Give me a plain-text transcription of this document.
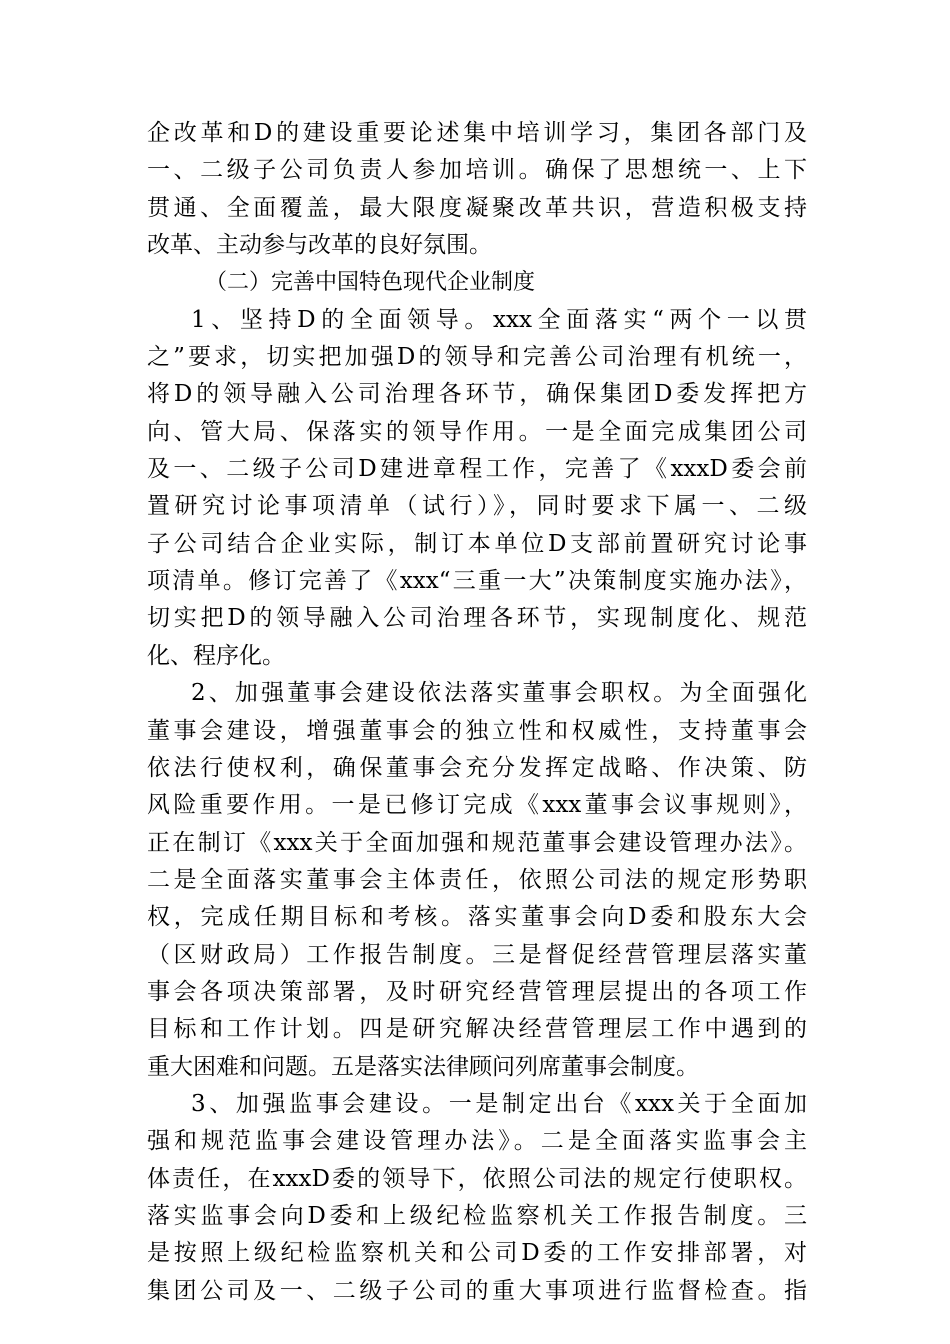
企改革和D的建设重要论述集中培训学习，集团各部门及
一、二级子公司负责人参加培训。确保了思想统一、上下
贯通、全面覆盖，最大限度凝聚改革共识，营造积极支持
改革、主动参与改革的良好氛围。
（二）完善中国特色现代企业制度
1、坚持D的全面领导。xxx全面落实“两个一以贯
之”要求，切实把加强D的领导和完善公司治理有机统一，
将D的领导融入公司治理各环节，确保集团D委发挥把方
向、管大局、保落实的领导作用。一是全面完成集团公司
及一、二级子公司D建进章程工作，完善了《xxxD委会前
置研究讨论事项清单（试行）》，同时要求下属一、二级
子公司结合企业实际，制订本单位D支部前置研究讨论事
项清单。修订完善了《xxx“三重一大”决策制度实施办法》，
切实把D的领导融入公司治理各环节，实现制度化、规范
化、程序化。
2、加强董事会建设依法落实董事会职权。为全面强化
董事会建设，增强董事会的独立性和权威性，支持董事会
依法行使权利，确保董事会充分发挥定战略、作决策、防
风险重要作用。一是已修订完成《xxx董事会议事规则》，
正在制订《xxx关于全面加强和规范董事会建设管理办法》。
二是全面落实董事会主体责任，依照公司法的规定形势职
权，完成任期目标和考核。落实董事会向D委和股东大会
（区财政局）工作报告制度。三是督促经营管理层落实董
事会各项决策部署，及时研究经营管理层提出的各项工作
目标和工作计划。四是研究解决经营管理层工作中遇到的
重大困难和问题。五是落实法律顾问列席董事会制度。
3、加强监事会建设。一是制定出台《xxx关于全面加
强和规范监事会建设管理办法》。二是全面落实监事会主
体责任，在xxxD委的领导下，依照公司法的规定行使职权。
落实监事会向D委和上级纪检监察机关工作报告制度。三
是按照上级纪检监察机关和公司D委的工作安排部署，对
集团公司及一、二级子公司的重大事项进行监督检查。指
